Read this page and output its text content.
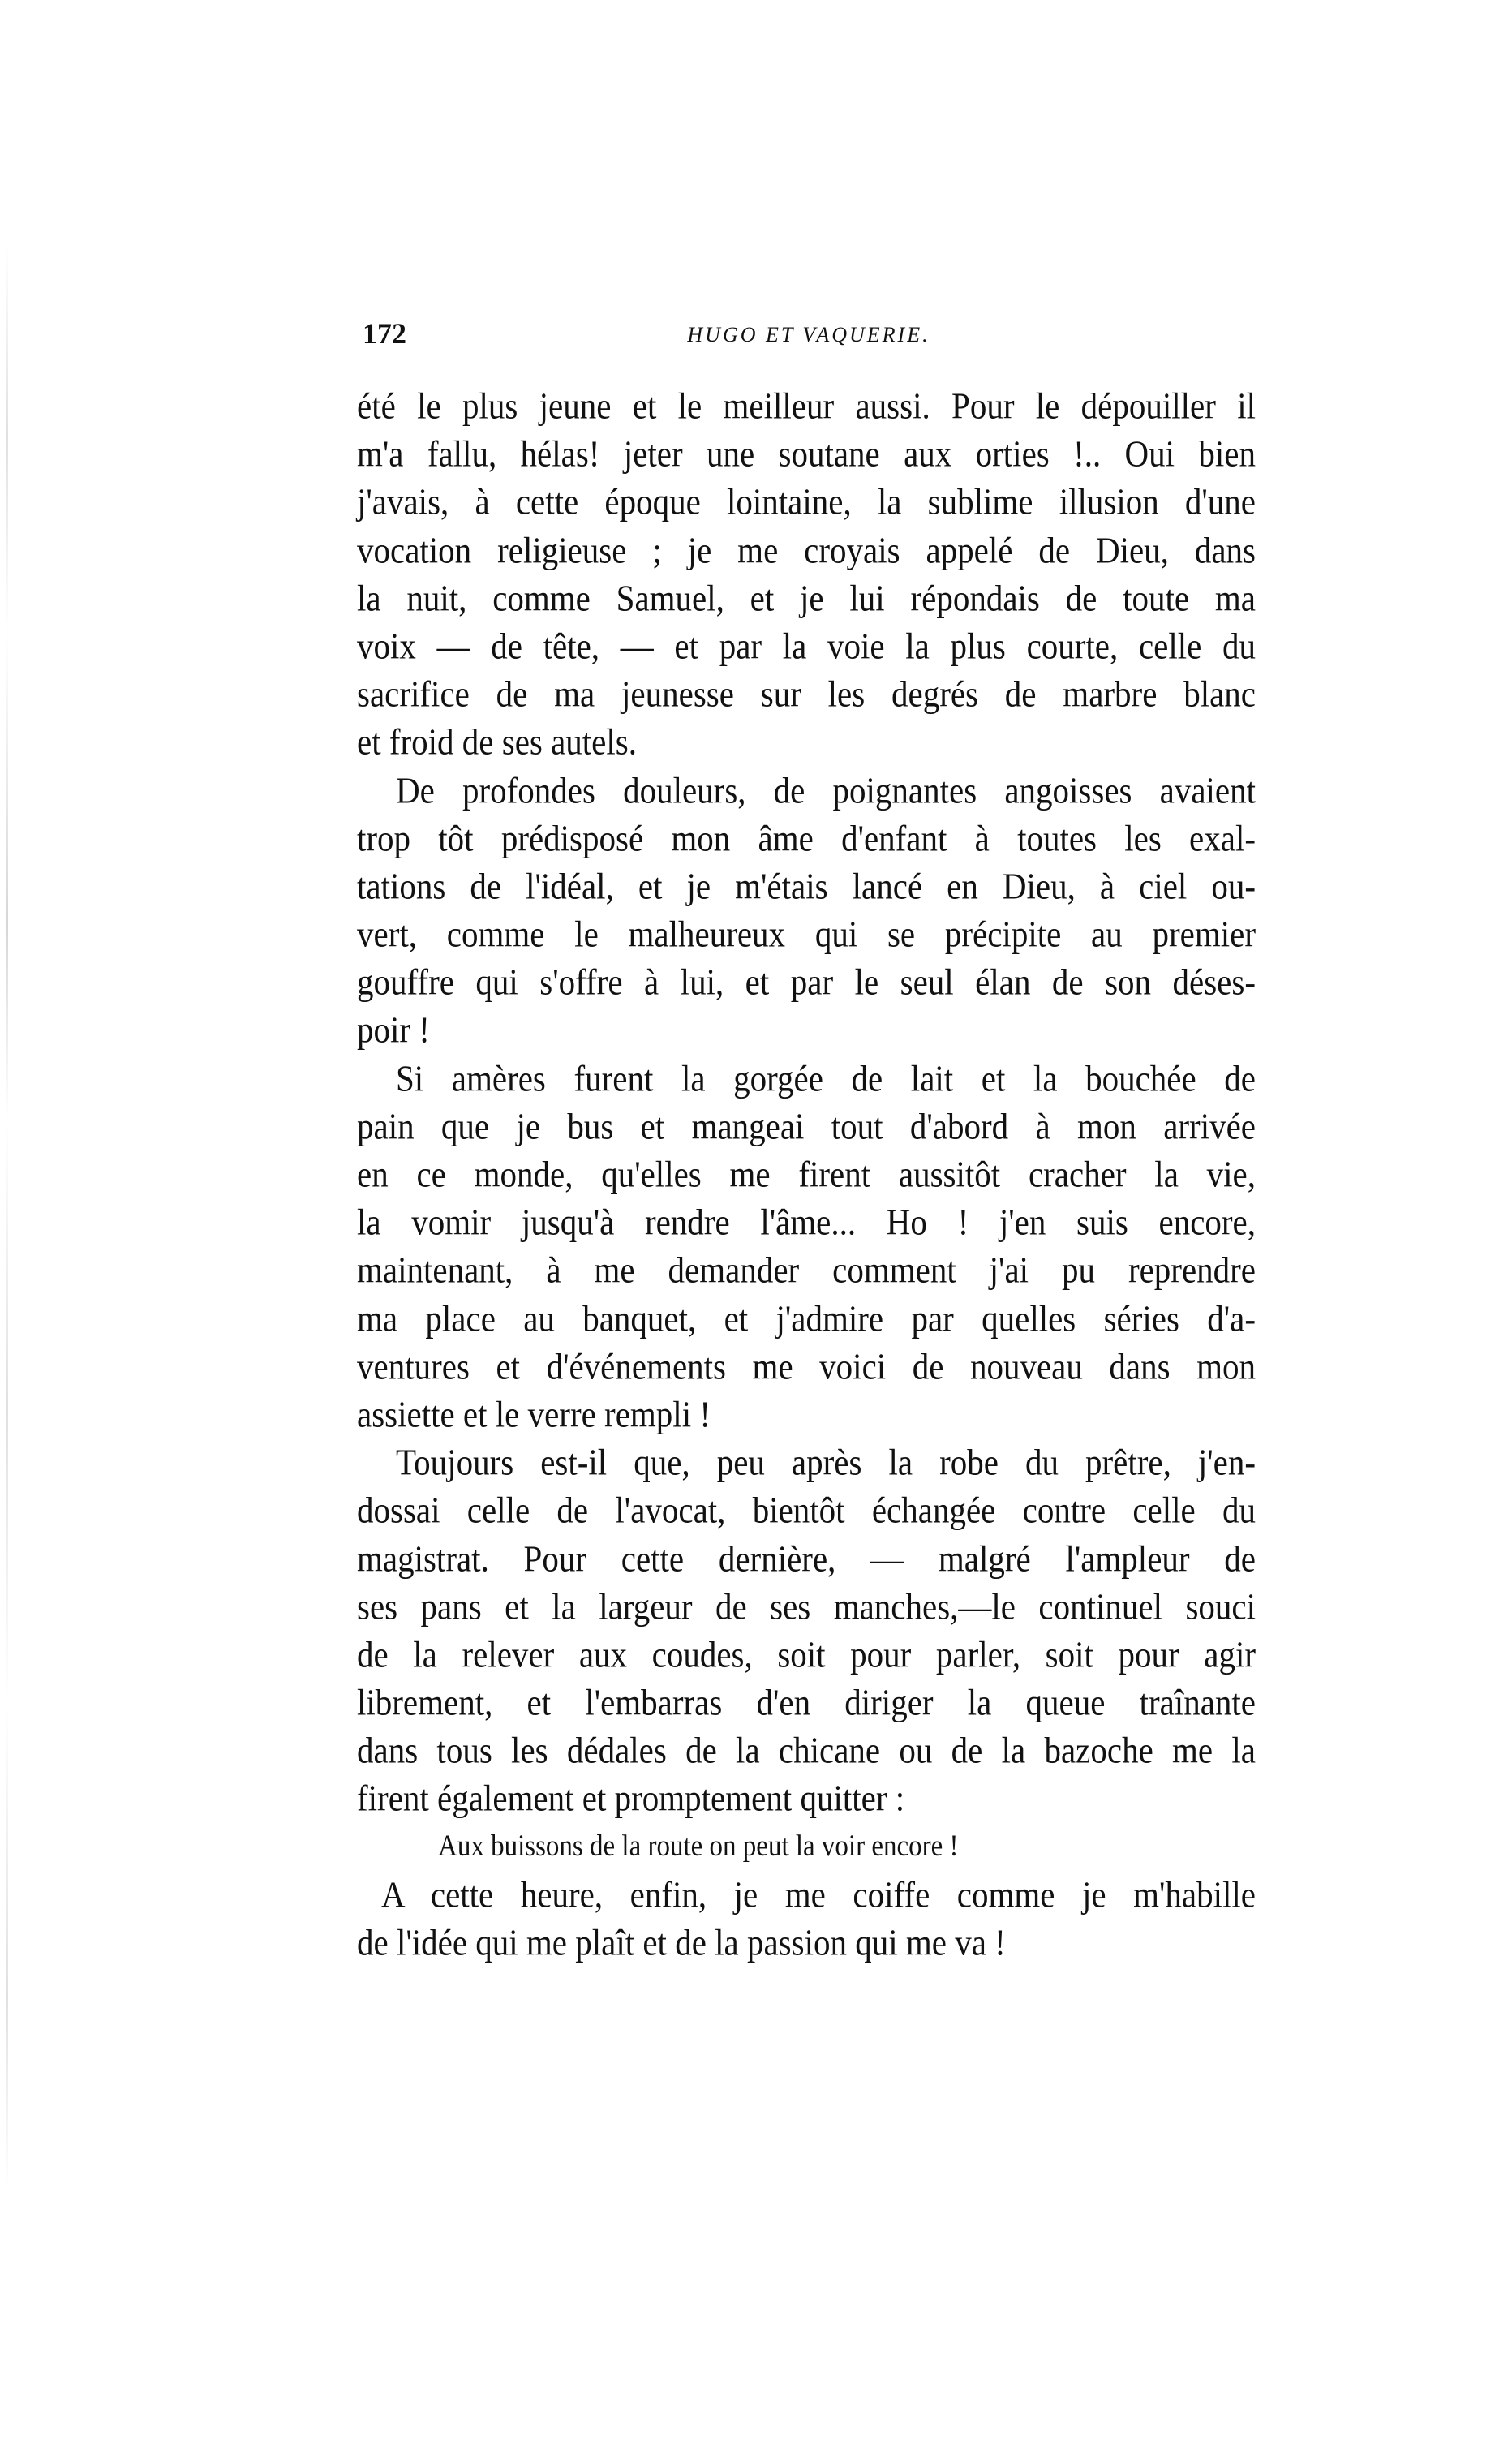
172	HUGO ET VAQUERIE.
été le plus jeune et le meilleur aussi. Pour le dépouiller il
m'a fallu, hélas! jeter une soutane aux orties !.. Oui bien
j'avais, à cette époque lointaine, la sublime illusion d'une
vocation religieuse ; je me croyais appelé de Dieu, dans
la nuit, comme Samuel, et je lui répondais de toute ma
voix — de tête, — et par la voie la plus courte, celle du
sacrifice de ma jeunesse sur les degrés de marbre blanc
et froid de ses autels.
De profondes douleurs, de poignantes angoisses avaient
trop tôt prédisposé mon âme d'enfant à toutes les exal-
tations de l'idéal, et je m'étais lancé en Dieu, à ciel ou-
vert, comme le malheureux qui se précipite au premier
gouffre qui s'offre à lui, et par le seul élan de son déses-
poir !
Si amères furent la gorgée de lait et la bouchée de
pain que je bus et mangeai tout d'abord à mon arrivée
en ce monde, qu'elles me firent aussitôt cracher la vie,
la vomir jusqu'à rendre l'âme... Ho ! j'en suis encore,
maintenant, à me demander comment j'ai pu reprendre
ma place au banquet, et j'admire par quelles séries d'a-
ventures et d'événements me voici de nouveau dans mon
assiette et le verre rempli !
Toujours est-il que, peu après la robe du prêtre, j'en-
dossai celle de l'avocat, bientôt échangée contre celle du
magistrat. Pour cette dernière, — malgré l'ampleur de
ses pans et la largeur de ses manches,—le continuel souci
de la relever aux coudes, soit pour parler, soit pour agir
librement, et l'embarras d'en diriger la queue traînante
dans tous les dédales de la chicane ou de la bazoche me la
firent également et promptement quitter :
Aux buissons de la route on peut la voir encore !
A cette heure, enfin, je me coiffe comme je m'habille
de l'idée qui me plaît et de la passion qui me va !
